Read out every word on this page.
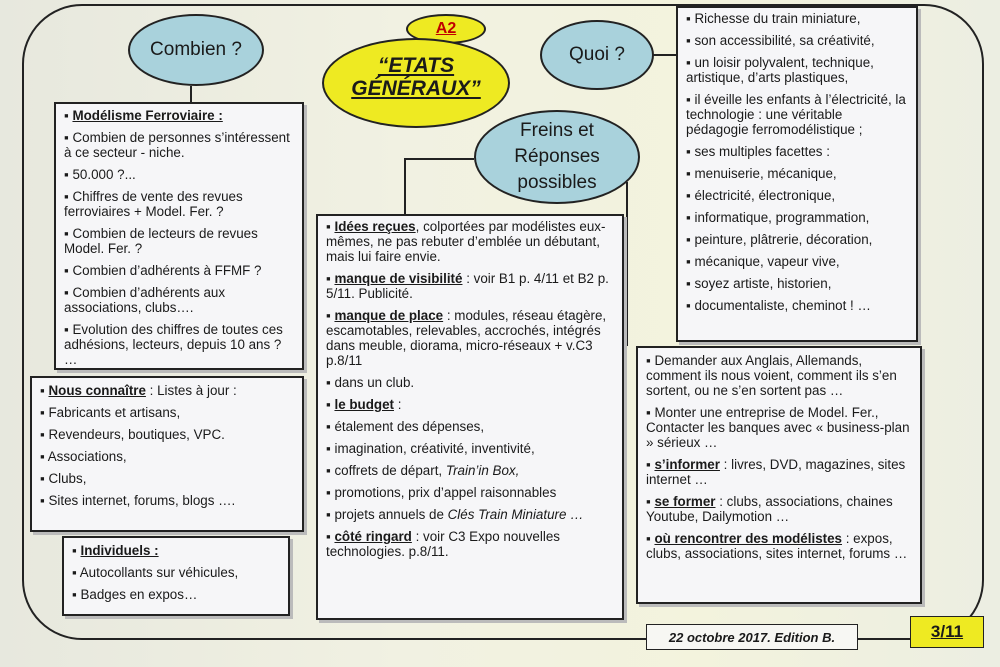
Combien ?	Quoi ?
Freins et
Réponses
possibles
A2
“ETATS
GÉNÉRAUX”

▪ Modélisme Ferroviaire :

▪ Combien de personnes s’intéressent à ce secteur - niche.

▪ 50.000 ?...

▪ Chiffres de vente des revues ferroviaires + Model. Fer. ?

▪ Combien de lecteurs de revues Model. Fer. ?

▪ Combien d’adhérents à FFMF ?

▪ Combien d’adhérents aux associations, clubs….

▪ Evolution des chiffres de toutes ces adhésions, lecteurs, depuis 10 ans ? …

▪ Nous connaître : Listes à jour :

▪ Fabricants et artisans,

▪ Revendeurs, boutiques, VPC.

▪ Associations,

▪ Clubs,

▪ Sites internet, forums, blogs ….

▪ Individuels :

▪ Autocollants sur véhicules,

▪ Badges en expos…

▪ Idées reçues, colportées par modélistes eux-mêmes, ne pas rebuter d’emblée un débutant, mais lui faire envie.

▪ manque de visibilité : voir B1 p. 4/11 et B2 p. 5/11. Publicité.

▪ manque de place : modules, réseau étagère, escamotables, relevables, accrochés, intégrés dans meuble, diorama, micro-réseaux + v.C3 p.8/11

▪ dans un club.

▪ le budget :

▪ étalement des dépenses,

▪ imagination, créativité, inventivité,

▪ coffrets de départ, Train’in Box,

▪ promotions, prix d’appel raisonnables

▪ projets annuels de Clés Train Miniature …

▪ côté ringard : voir C3 Expo nouvelles technologies. p.8/11.

▪ Richesse du train miniature,

▪ son accessibilité, sa créativité,

▪ un loisir polyvalent, technique, artistique, d’arts plastiques,

▪ il éveille les enfants à l’électricité, la technologie : une véritable pédagogie ferromodélistique ;

▪ ses multiples facettes :

▪ menuiserie, mécanique,

▪ électricité, électronique,

▪ informatique, programmation,

▪ peinture, plâtrerie, décoration,

▪ mécanique, vapeur vive,

▪ soyez artiste, historien,

▪ documentaliste, cheminot ! …

▪ Demander aux Anglais, Allemands, comment ils nous voient, comment ils s’en sortent, ou ne s’en sortent pas …

▪ Monter une entreprise de Model. Fer., Contacter les banques avec « business-plan » sérieux …

▪ s’informer : livres, DVD, magazines, sites internet …

▪ se former : clubs, associations, chaines Youtube, Dailymotion …

▪ où rencontrer des modélistes : expos, clubs, associations, sites internet, forums …

22 octobre 2017. Edition B.	3/11
